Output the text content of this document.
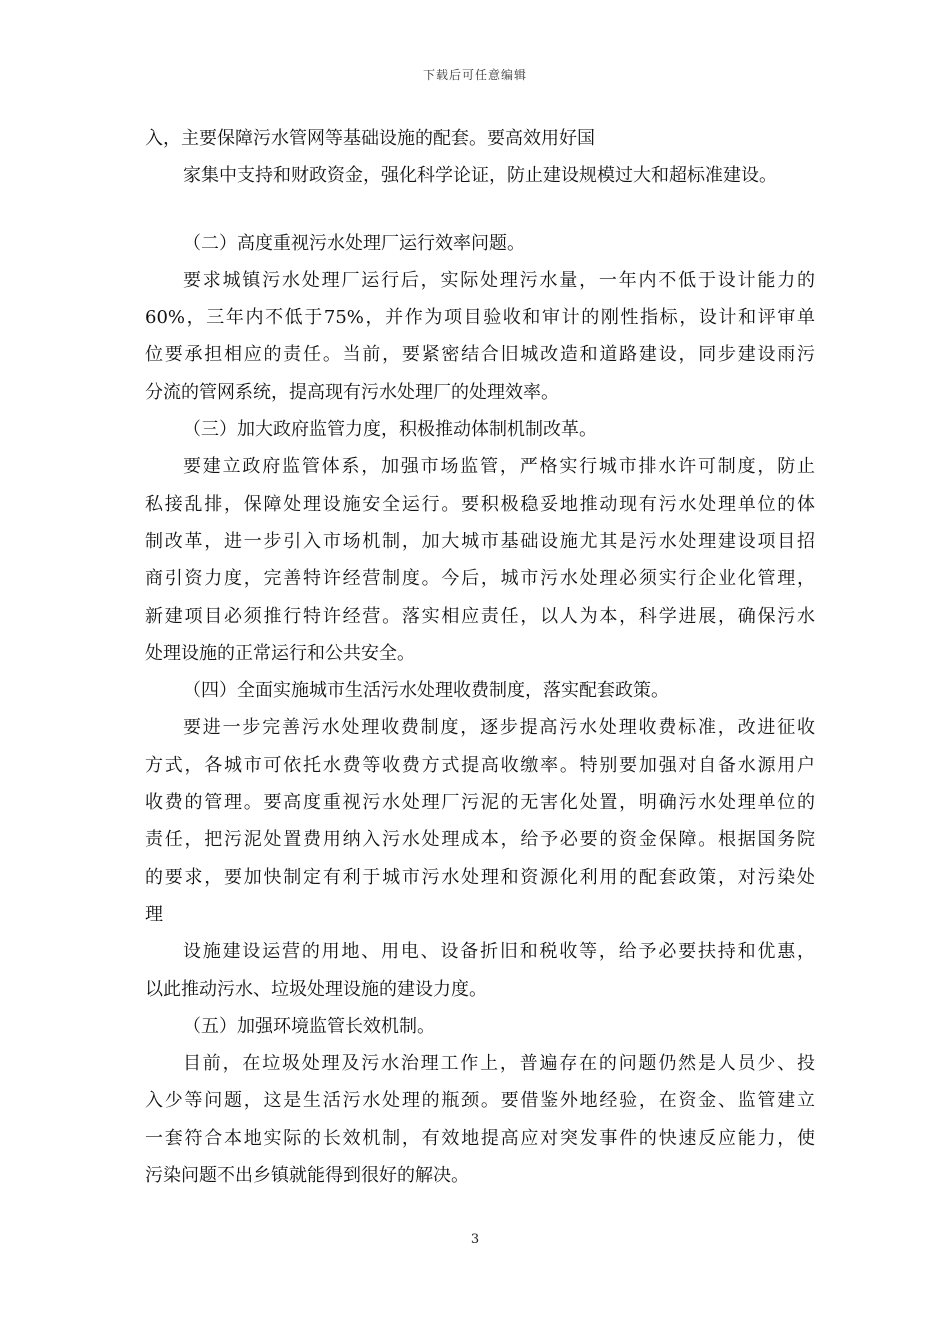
下载后可任意编辑
入，主要保障污水管网等基础设施的配套。要高效用好国
家集中支持和财政资金，强化科学论证，防止建设规模过大和超标准建设。
（二）高度重视污水处理厂运行效率问题。
要求城镇污水处理厂运行后，实际处理污水量，一年内不低于设计能力的
60%，三年内不低于75%，并作为项目验收和审计的刚性指标，设计和评审单
位要承担相应的责任。当前，要紧密结合旧城改造和道路建设，同步建设雨污
分流的管网系统，提高现有污水处理厂的处理效率。
（三）加大政府监管力度，积极推动体制机制改革。
要建立政府监管体系，加强市场监管，严格实行城市排水许可制度，防止
私接乱排，保障处理设施安全运行。要积极稳妥地推动现有污水处理单位的体
制改革，进一步引入市场机制，加大城市基础设施尤其是污水处理建设项目招
商引资力度，完善特许经营制度。今后，城市污水处理必须实行企业化管理，
新建项目必须推行特许经营。落实相应责任，以人为本，科学进展，确保污水
处理设施的正常运行和公共安全。
（四）全面实施城市生活污水处理收费制度，落实配套政策。
要进一步完善污水处理收费制度，逐步提高污水处理收费标准，改进征收
方式，各城市可依托水费等收费方式提高收缴率。特别要加强对自备水源用户
收费的管理。要高度重视污水处理厂污泥的无害化处置，明确污水处理单位的
责任，把污泥处置费用纳入污水处理成本，给予必要的资金保障。根据国务院
的要求，要加快制定有利于城市污水处理和资源化利用的配套政策，对污染处
理
设施建设运营的用地、用电、设备折旧和税收等，给予必要扶持和优惠，
以此推动污水、垃圾处理设施的建设力度。
（五）加强环境监管长效机制。
目前，在垃圾处理及污水治理工作上，普遍存在的问题仍然是人员少、投
入少等问题，这是生活污水处理的瓶颈。要借鉴外地经验，在资金、监管建立
一套符合本地实际的长效机制，有效地提高应对突发事件的快速反应能力，使
污染问题不出乡镇就能得到很好的解决。
3
